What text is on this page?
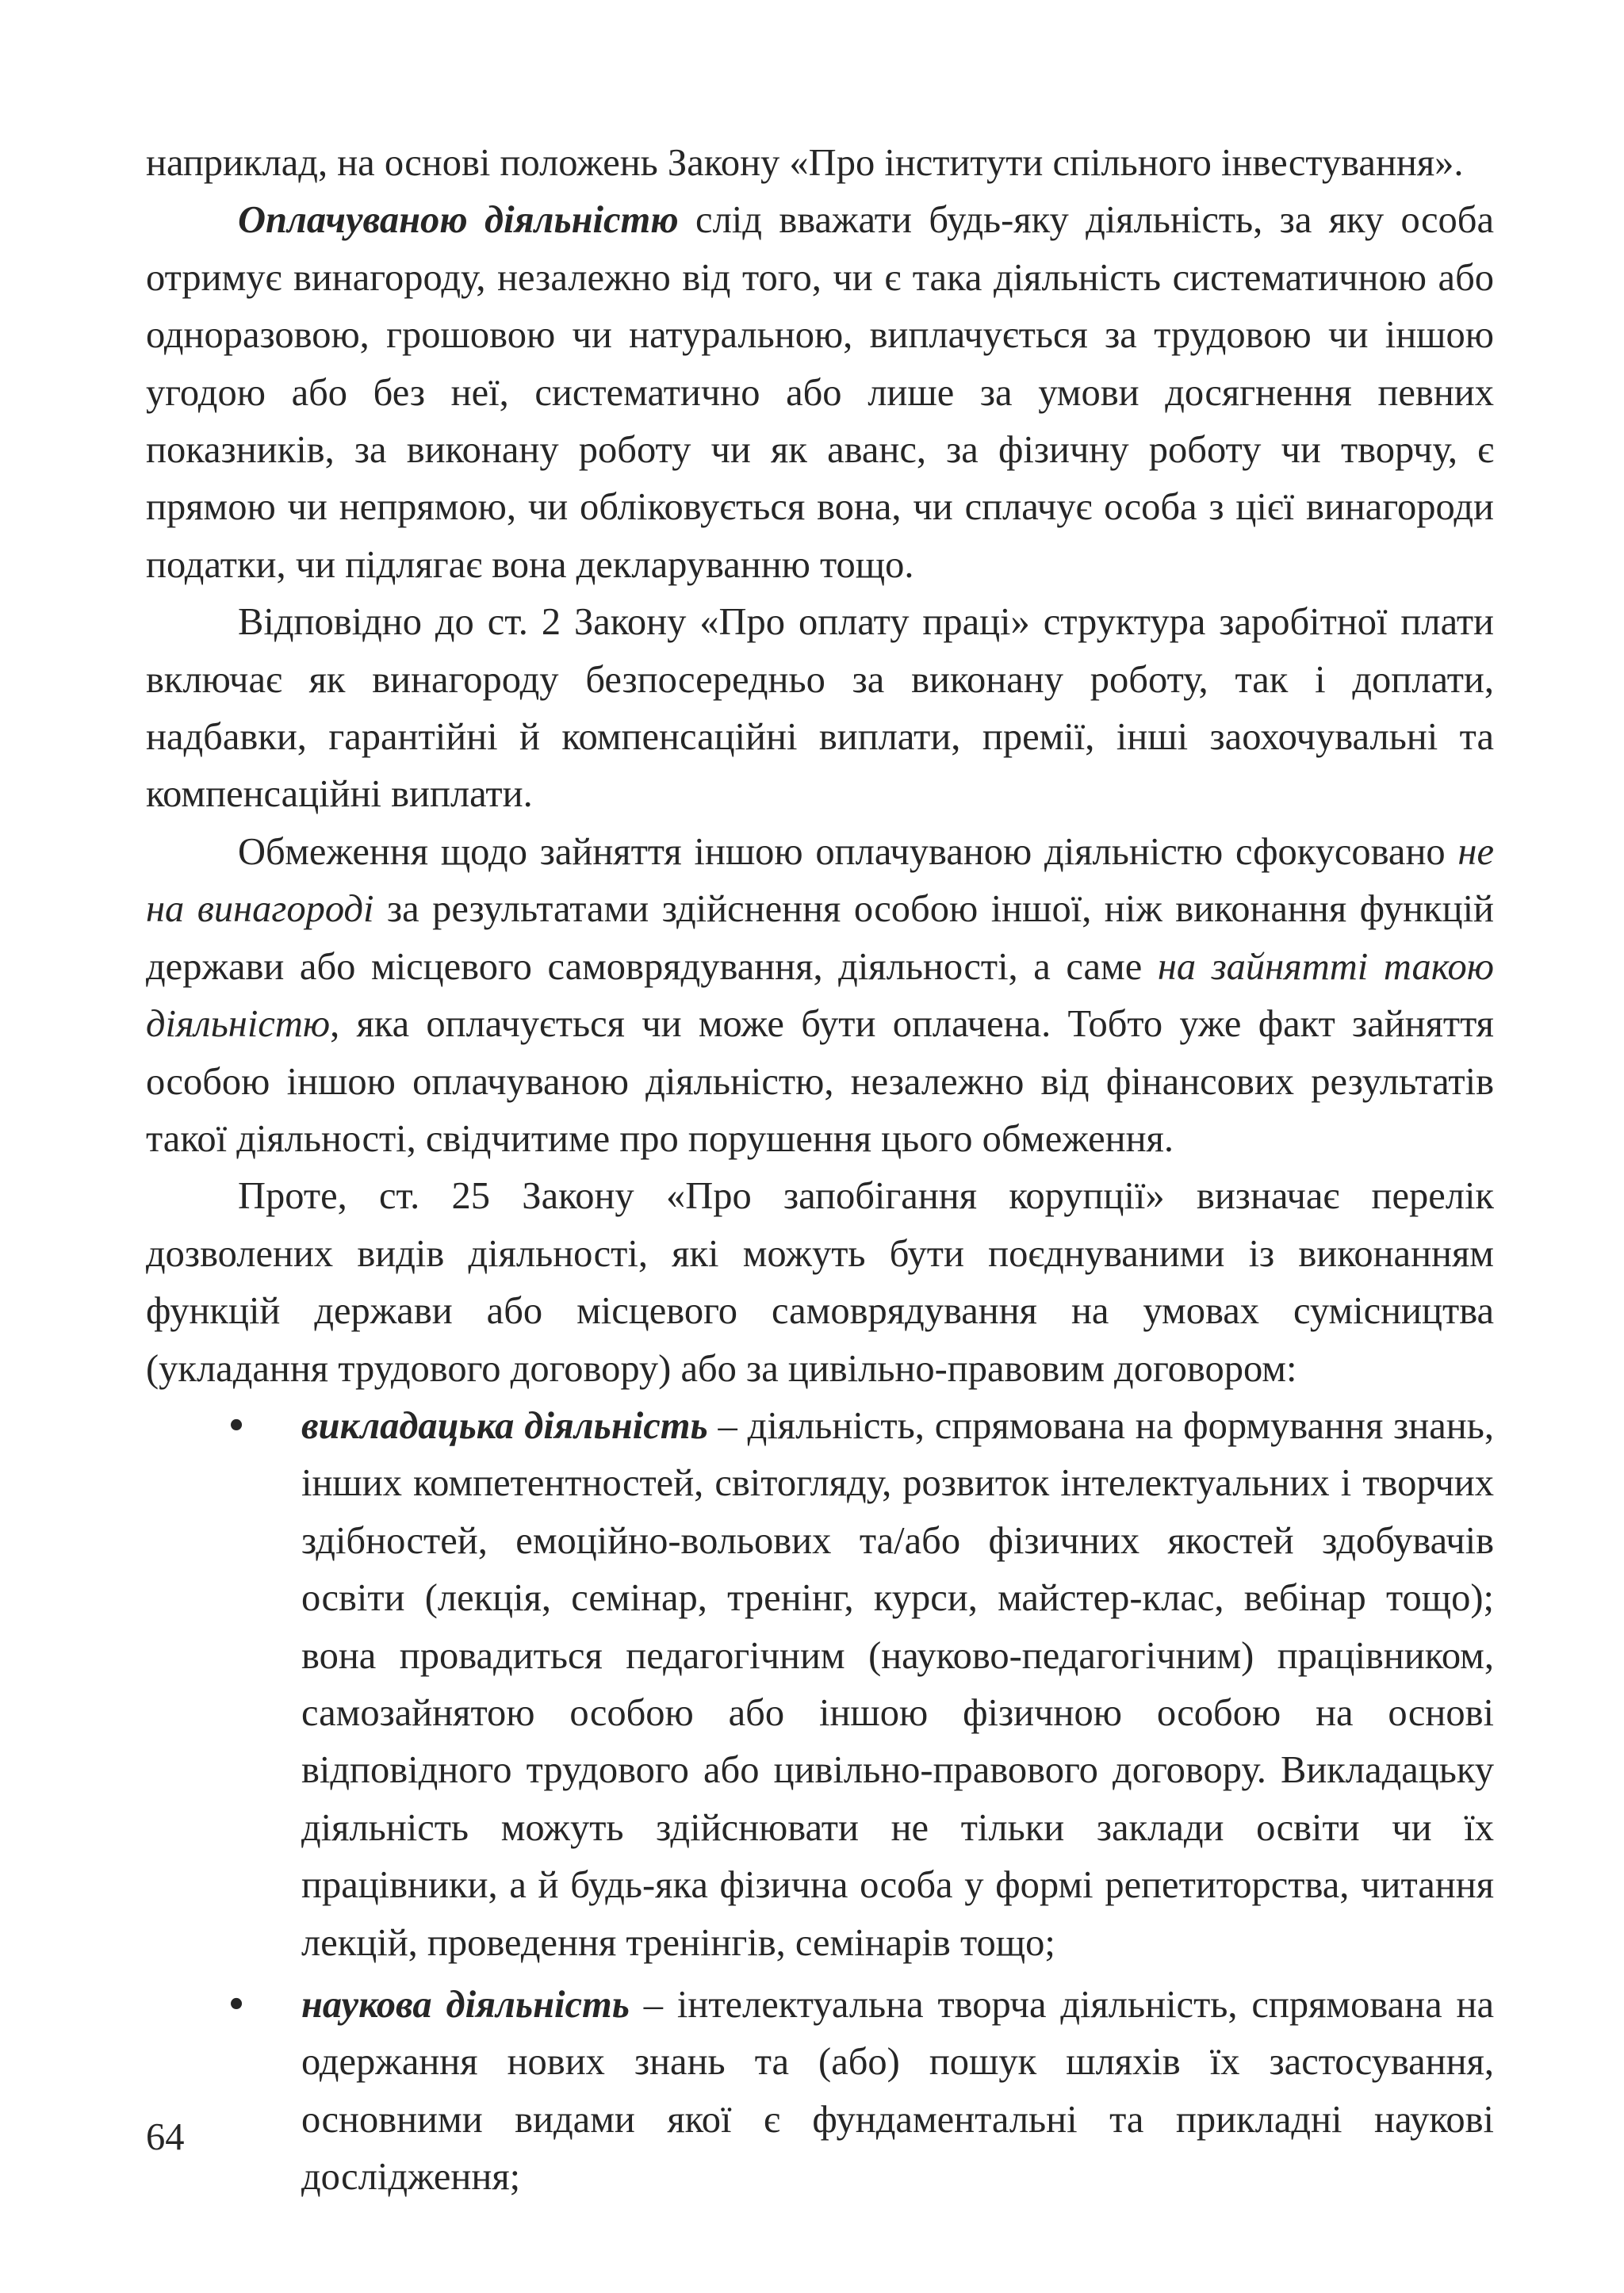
наприклад, на основі положень Закону «Про інститути спільного інвестування».

Оплачуваною діяльністю слід вважати будь-яку діяльність, за яку особа отримує винагороду, незалежно від того, чи є така діяльність систематичною або одноразовою, грошовою чи натуральною, виплачується за трудовою чи іншою угодою або без неї, систематично або лише за умови досягнення певних показників, за виконану роботу чи як аванс, за фізичну роботу чи творчу, є прямою чи непрямою, чи обліковується вона, чи сплачує особа з цієї винагороди податки, чи підлягає вона декларуванню тощо.

Відповідно до ст. 2 Закону «Про оплату праці» структура заробітної плати включає як винагороду безпосередньо за виконану роботу, так і доплати, надбавки, гарантійні й компенсаційні виплати, премії, інші заохочувальні та компенсаційні виплати.

Обмеження щодо зайняття іншою оплачуваною діяльністю сфокусовано не на винагороді за результатами здійснення особою іншої, ніж виконання функцій держави або місцевого самоврядування, діяльності, а саме на зайнятті такою діяльністю, яка оплачується чи може бути оплачена. Тобто уже факт зайняття особою іншою оплачуваною діяльністю, незалежно від фінансових результатів такої діяльності, свідчитиме про порушення цього обмеження.

Проте, ст. 25 Закону «Про запобігання корупції» визначає перелік дозволених видів діяльності, які можуть бути поєднуваними із виконанням функцій держави або місцевого самоврядування на умовах сумісництва (укладання трудового договору) або за цивільно-правовим договором:

•	викладацька діяльність – діяльність, спрямована на формування знань, інших компетентностей, світогляду, розвиток інтелектуальних і творчих здібностей, емоційно-вольових та/або фізичних якостей здобувачів освіти (лекція, семінар, тренінг, курси, майстер-клас, вебінар тощо); вона провадиться педагогічним (науково-педагогічним) працівником, самозайнятою особою або іншою фізичною особою на основі відповідного трудового або цивільно-правового договору. Викладацьку діяльність можуть здійснювати не тільки заклади освіти чи їх працівники, а й будь-яка фізична особа у формі репетиторства, читання лекцій, проведення тренінгів, семінарів тощо;
•	наукова діяльність – інтелектуальна творча діяльність, спрямована на одержання нових знань та (або) пошук шляхів їх застосування, основними видами якої є фундаментальні та прикладні наукові дослідження;
64
